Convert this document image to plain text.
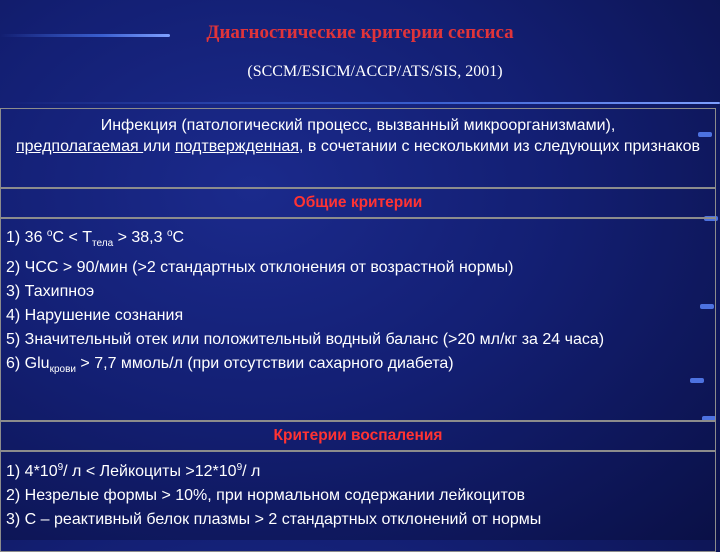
Диагностические критерии сепсиса
(SCCM/ESICM/ACCP/ATS/SIS, 2001)
Инфекция (патологический процесс, вызванный микроорганизмами),
предполагаемая или подтвержденная, в сочетании с несколькими из следующих признаков
Общие критерии
1) 36 $^оС < Т_{тела} > 38,3$ $^о$С
2) ЧСС > 90/мин (>2 стандартных отклонения от возрастной нормы)
3) Тахипноэ
4) Нарушение сознания
5) Значительный отек или положительный водный баланс (>20 мл/кг за 24 часа)
6) Glu$_{крови}$ > 7,7 ммоль/л (при отсутствии сахарного диабета)
Критерии воспаления
1) $4*10^9/$ л < Лейкоциты $>12*10^9/$ л
2) Незрелые формы > 10%, при нормальном содержании лейкоцитов
3) С – реактивный белок плазмы > 2 стандартных отклонений от нормы
